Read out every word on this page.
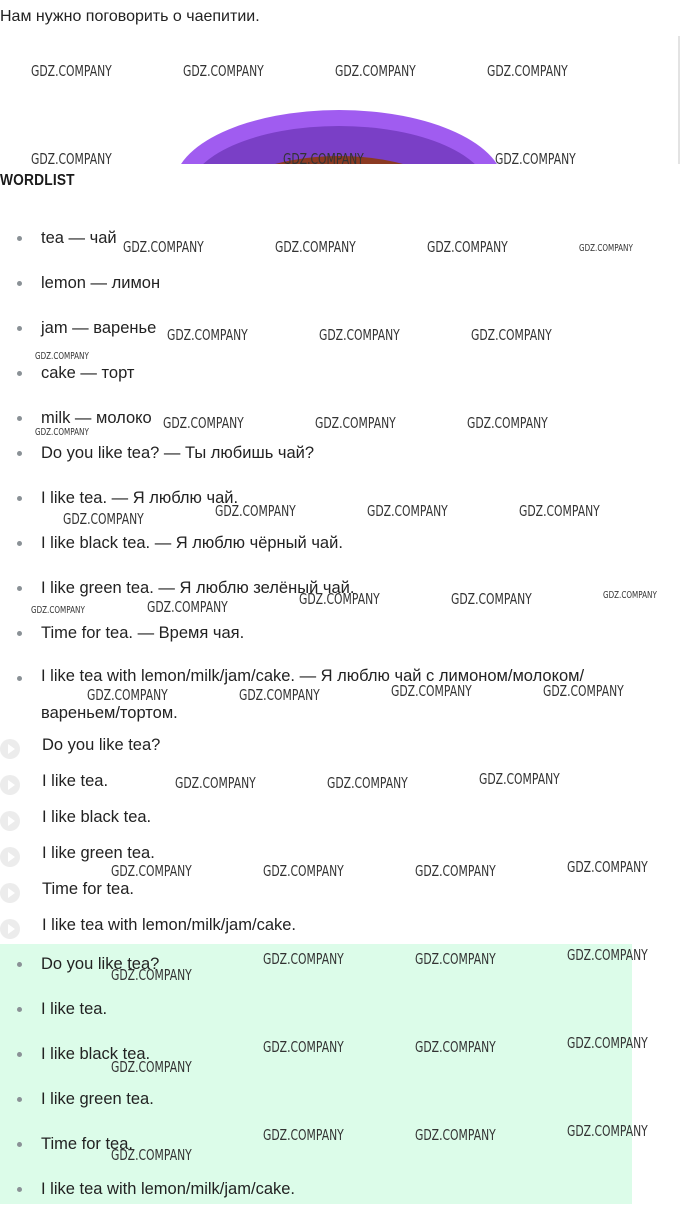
Нам нужно поговорить о чаепитии.

WORDLIST
tea — чай
lemon — лимон
jam — варенье
cake — торт
milk — молоко
Do you like tea? — Ты любишь чай?
I like tea. — Я люблю чай.
I like black tea. — Я люблю чёрный чай.
I like green tea. — Я люблю зелёный чай.
Time for tea. — Время чая.
I like tea with lemon/milk/jam/cake. — Я люблю чай с лимоном/молоком/вареньем/тортом.
Do you like tea?
I like tea.
I like black tea.
I like green tea.
Time for tea.
I like tea with lemon/milk/jam/cake.
Do you like tea?
I like tea.
I like black tea.
I like green tea.
Time for tea.
I like tea with lemon/milk/jam/cake.
GDZ.COMPANY	GDZ.COMPANY	GDZ.COMPANY	GDZ.COMPANY
GDZ.COMPANY	GDZ.COMPANY	GDZ.COMPANY
GDZ.COMPANY	GDZ.COMPANY	GDZ.COMPANY	GDZ.COMPANY
GDZ.COMPANY	GDZ.COMPANY	GDZ.COMPANY
GDZ.COMPANY
GDZ.COMPANY	GDZ.COMPANY	GDZ.COMPANY
GDZ.COMPANY
GDZ.COMPANY	GDZ.COMPANY	GDZ.COMPANY	GDZ.COMPANY
GDZ.COMPANY	GDZ.COMPANY	GDZ.COMPANY	GDZ.COMPANY	GDZ.COMPANY
GDZ.COMPANY	GDZ.COMPANY	GDZ.COMPANY	GDZ.COMPANY
GDZ.COMPANY	GDZ.COMPANY	GDZ.COMPANY
GDZ.COMPANY	GDZ.COMPANY	GDZ.COMPANY	GDZ.COMPANY
GDZ.COMPANY	GDZ.COMPANY	GDZ.COMPANY
GDZ.COMPANY
GDZ.COMPANY	GDZ.COMPANY	GDZ.COMPANY
GDZ.COMPANY
GDZ.COMPANY	GDZ.COMPANY	GDZ.COMPANY
GDZ.COMPANY
